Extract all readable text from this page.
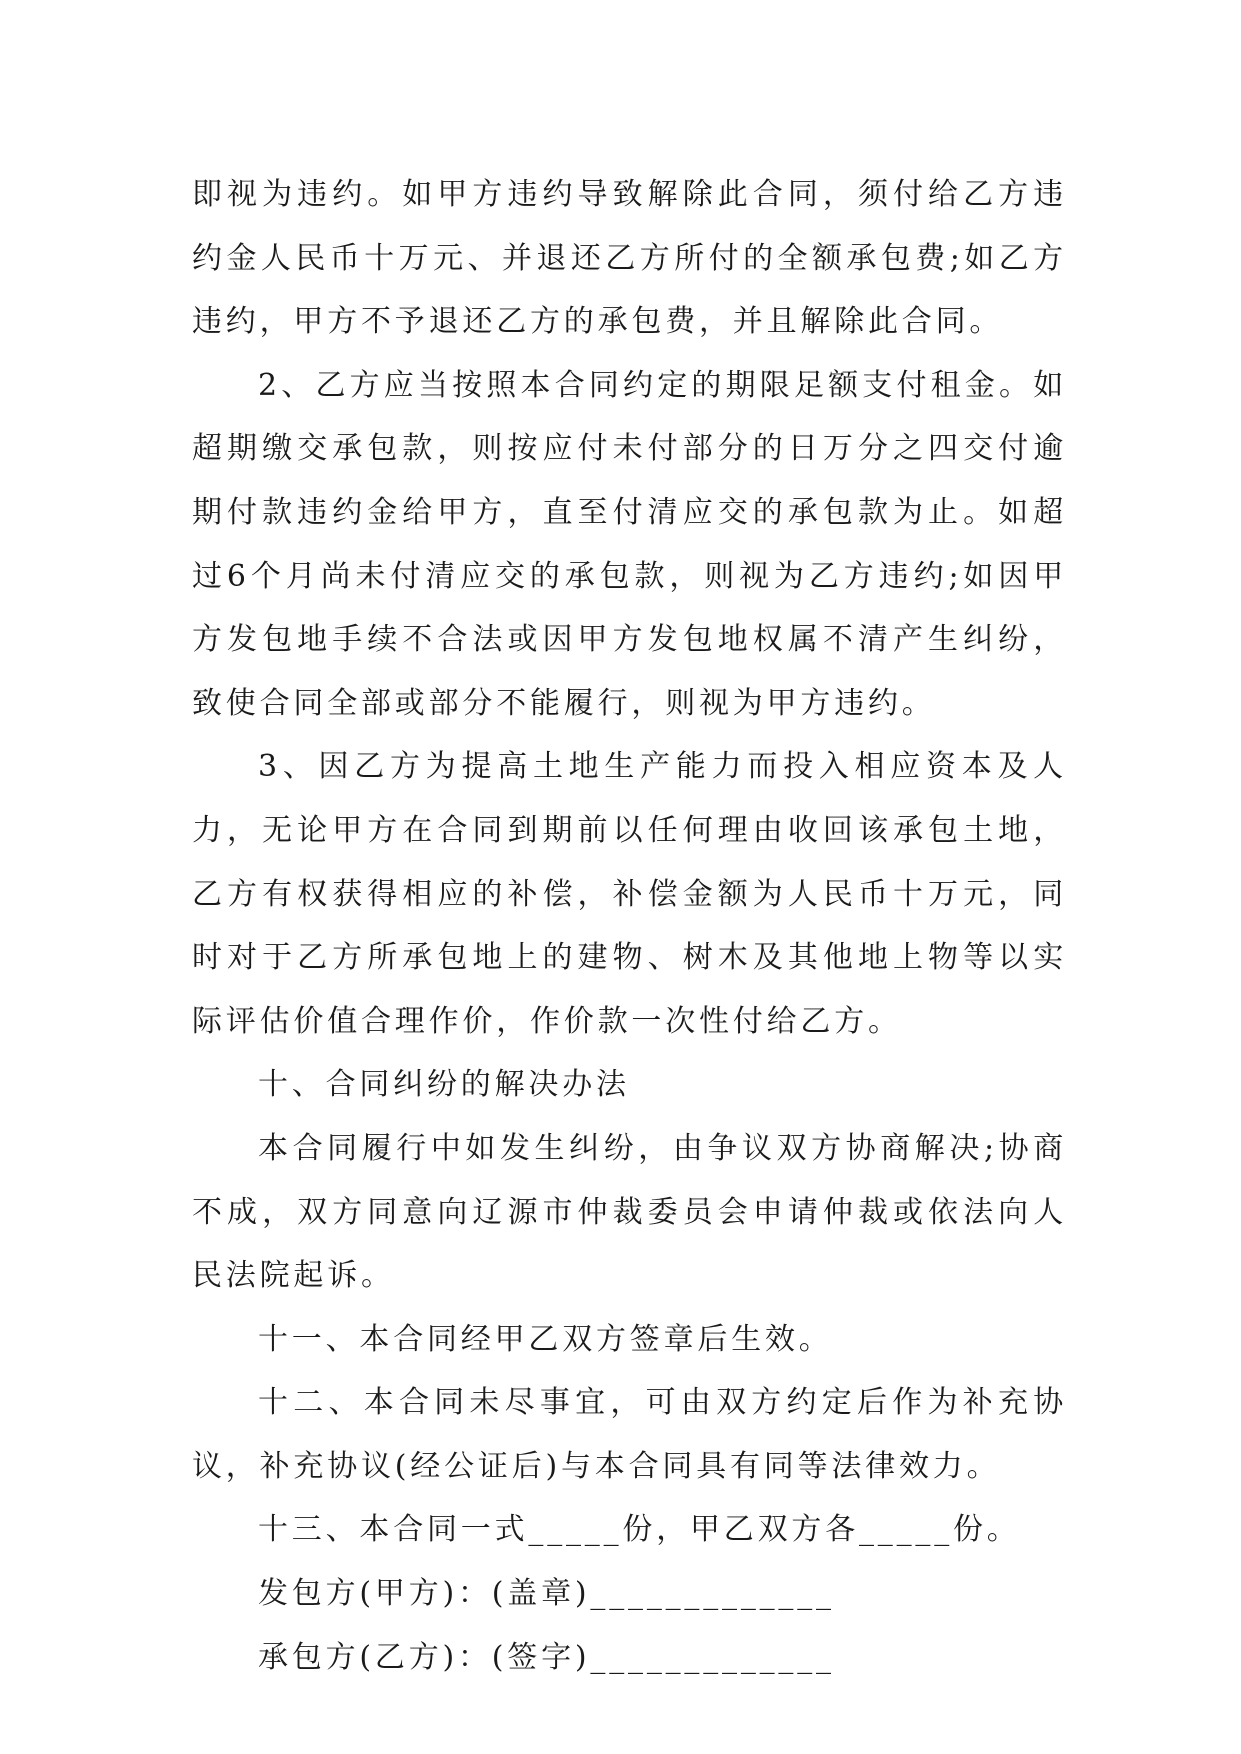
即视为违约。如甲方违约导致解除此合同，须付给乙方违约金人民币十万元、并退还乙方所付的全额承包费;如乙方违约，甲方不予退还乙方的承包费，并且解除此合同。

2、乙方应当按照本合同约定的期限足额支付租金。如超期缴交承包款，则按应付未付部分的日万分之四交付逾期付款违约金给甲方，直至付清应交的承包款为止。如超过6个月尚未付清应交的承包款，则视为乙方违约;如因甲方发包地手续不合法或因甲方发包地权属不清产生纠纷，致使合同全部或部分不能履行，则视为甲方违约。

3、因乙方为提高土地生产能力而投入相应资本及人力，无论甲方在合同到期前以任何理由收回该承包土地，乙方有权获得相应的补偿，补偿金额为人民币十万元，同时对于乙方所承包地上的建物、树木及其他地上物等以实际评估价值合理作价，作价款一次性付给乙方。

十、合同纠纷的解决办法

本合同履行中如发生纠纷，由争议双方协商解决;协商不成，双方同意向辽源市仲裁委员会申请仲裁或依法向人民法院起诉。

十一、本合同经甲乙双方签章后生效。

十二、本合同未尽事宜，可由双方约定后作为补充协议，补充协议(经公证后)与本合同具有同等法律效力。

十三、本合同一式_____份，甲乙双方各_____份。

发包方(甲方)：(盖章)_____________

承包方(乙方)：(签字)_____________
